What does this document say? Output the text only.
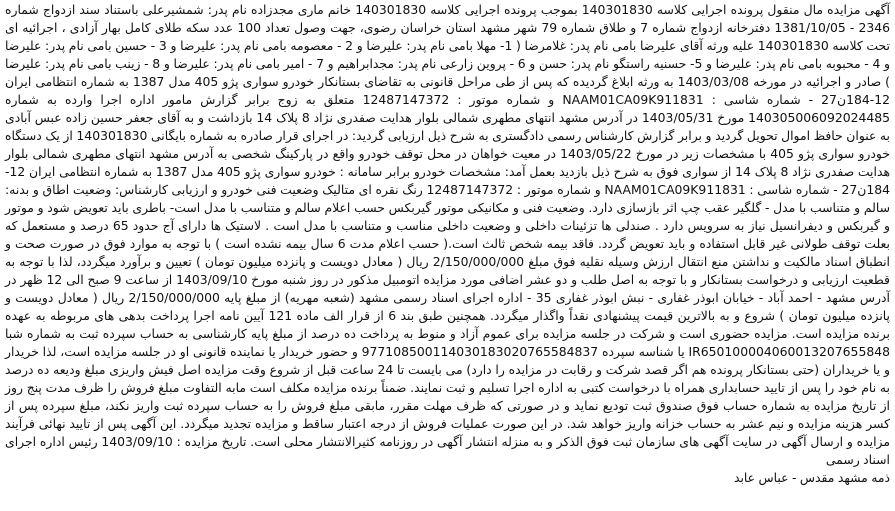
آگهی مزایده مال منقول پرونده اجرایی کلاسه 140301830 بموجب پرونده اجرایی کلاسه 140301830 خانم ماری مجدزاده نام پدر: شمشیرعلی باستناد سند ازدواج شماره 2346 - 1381/10/05 دفترخانه ازدواج شماره 7 و طلاق شماره 79 شهر مشهد استان خراسان رضوی، جهت وصول تعداد 100 عدد سکه طلای کامل بهار آزادی ، اجرائیه ای تحت کلاسه 140301830 علیه ورثه آقای علیرضا بامی نام پدر: غلامرضا ( 1- مهلا بامی نام پدر: علیرضا و 2 - معصومه بامی نام پدر: علیرضا و 3 - حسین بامی نام پدر: علیرضا و 4 - محبوبه بامی نام پدر: علیرضا و 5- حسنیه راستگو نام پدر: حسن و 6 - پروین زارعی نام پدر: مجدابراهیم و 7 - امیر بامی نام پدر: علیرضا و 8 - زینب بامی نام پدر: علیرضا ) صادر و اجرائیه در مورخه 1403/03/08 به ورثه ابلاغ گردیده که پس از طی مراحل قانونی به تقاضای بستانکار خودرو سواری پژو 405 مدل 1387 به شماره انتظامی ایران 12-184ن27 - شماره شاسی : NAAM01CA09K911831 و شماره موتور : 12487147372 متعلق به زوج برابر گزارش مامور اداره اجرا وارده به شماره 140305006092024485 مورخ 1403/05/31 در آدرس مشهد انتهای مطهری شمالی بلوار هدایت صفدری نژاد 8 پلاک 14 بازداشت و به آقای جعفر حسین زاده عبس آبادی به عنوان حافظ اموال تحویل گردید و برابر گزارش کارشناس رسمی دادگستری به شرح ذیل ارزیابی گردید: در اجرای قرار صادره به شماره بایگانی 140301830 از یک دستگاه خودرو سواری پژو 405 با مشخصات زیر در مورخ 1403/05/22 در معیت خواهان در محل توقف خودرو واقع در پارکینگ شخصی به آدرس مشهد انتهای مطهری شمالی بلوار هدایت صفدری نژاد 8 پلاک 14 از سواری فوق به شرح ذیل بازدید بعمل آمد: مشخصات خودرو برابر سامانه : خودرو سواری پژو 405 مدل 1387 به شماره انتظامی ایران 12-184ن27 - شماره شاسی : NAAM01CA09K911831 و شماره موتور : 12487147372 رنگ نقره ای متالیک وضعیت فنی خودرو و ارزیابی کارشناس: وضعیت اطاق و بدنه: سالم و متناسب با مدل - گلگیر عقب چپ اثر بازسازی دارد. وضعیت فنی و مکانیکی موتور گیربکس حسب اعلام سالم و متناسب با مدل است- باطری باید تعویض شود و موتور و گیربکس و دیفرانسیل نیاز به سرویس دارد . صندلی ها تزئینات داخلی و وضعیت داخلی مناسب و متناسب با مدل است . لاستیک ها دارای آج حدود 65 درصد و مستعمل که بعلت توقف طولانی غیر قابل استفاده و باید تعویض گردد. فاقد بیمه شخص ثالث است.( حسب اعلام مدت 6 سال بیمه نشده است ) با توجه به موارد فوق در صورت صحت و انطباق اسناد مالکیت و نداشتن منع انتقال ارزش وسیله نقلیه فوق مبلغ 2/150/000/000 ریال ( معادل دویست و پانزده میلیون تومان ) تعیین و برآورد میگردد، لذا با توجه به قطعیت ارزیابی و درخواست بستانکار و با توجه به اصل طلب و دو عشر اضافی مورد مزایده اتومبیل مذکور در روز شنبه مورخ 1403/09/10 از ساعت 9 صبح الی 12 ظهر در آدرس مشهد - احمد آباد - خیابان ابوذر غفاری - نبش ابوذر غفاری 35 - اداره اجرای اسناد رسمی مشهد (شعبه مهریه) از مبلغ پایه 2/150/000/000 ریال ( معادل دویست و پانزده میلیون تومان ) شروع و به بالاترین قیمت پیشنهادی نقداً واگذار میگردد. همچنین طبق بند 6 از قرار الف ماده 121 آیین نامه اجرا پرداخت بدهی های مربوطه به عهده برنده مزایده است. مزایده حضوری است و شرکت در جلسه مزایده برای عموم آزاد و منوط به پرداخت ده درصد از مبلغ پایه کارشناسی به حساب سپرده ثبت به شماره شبا IR650100004060013207655848 یا شناسه سپرده 977108500114030183020765584837 و حضور خریدار یا نماینده قانونی او در جلسه مزایده است، لذا خریدار و یا خریداران (حتی بستانکار پرونده هم اگر قصد شرکت و رقابت در مزایده را دارد) می بایست تا 24 ساعت قبل از شروع وقت مزایده اصل فیش واریزی مبلغ ودیعه ده درصد به نام خود را پس از تایید حسابداری همراه با درخواست کتبی به اداره اجرا تسلیم و ثبت نمایند. ضمناً برنده مزایده مکلف است مابه التفاوت مبلغ فروش را ظرف مدت پنج روز از تاریخ مزایده به شماره حساب فوق صندوق ثبت تودیع نماید و در صورتی که ظرف مهلت مقرر، مابقی مبلغ فروش را به حساب سپرده ثبت واریز نکند، مبلغ سپرده پس از کسر هزینه مزایده و نیم عشر به حساب خزانه واریز خواهد شد. در این صورت عملیات فروش از درجه اعتبار ساقط و مزایده تجدید میگردد. این آگهی پس از تایید نهائی فرآیند مزایده و ارسال آگهی در سایت آگهی های سازمان ثبت فوق الذکر و به منزله انتشار آگهی در روزنامه کثیرالانتشار محلی است. تاریخ مزایده : 1403/09/10 رئیس اداره اجرای اسناد رسمی

ذمه مشهد مقدس - عباس عابد
